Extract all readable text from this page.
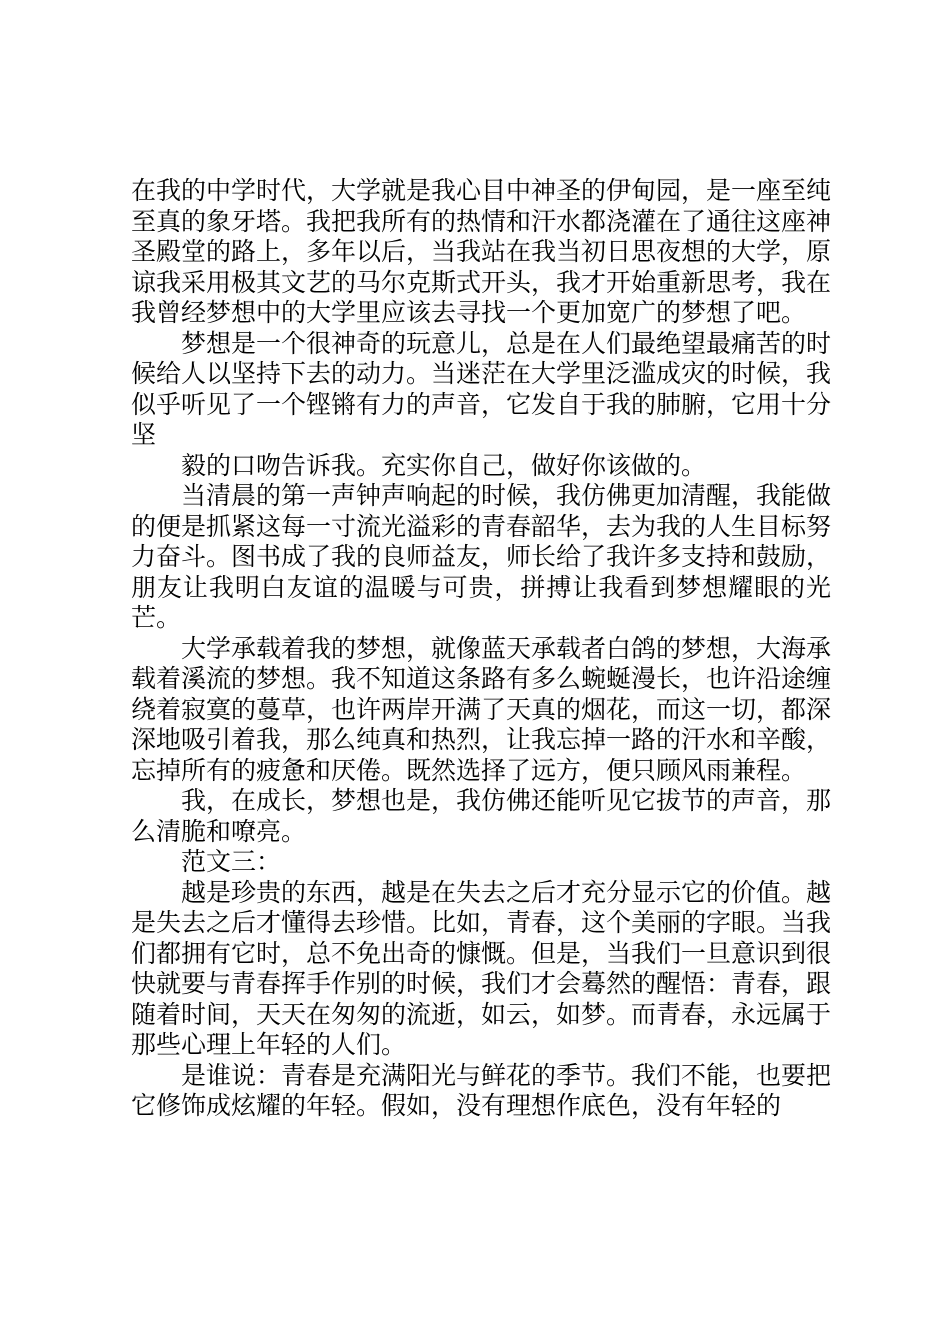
在我的中学时代，大学就是我心目中神圣的伊甸园，是一座至纯至真的象牙塔。我把我所有的热情和汗水都浇灌在了通往这座神圣殿堂的路上，多年以后，当我站在我当初日思夜想的大学，原谅我采用极其文艺的马尔克斯式开头，我才开始重新思考，我在我曾经梦想中的大学里应该去寻找一个更加宽广的梦想了吧。

梦想是一个很神奇的玩意儿，总是在人们最绝望最痛苦的时候给人以坚持下去的动力。当迷茫在大学里泛滥成灾的时候，我似乎听见了一个铿锵有力的声音，它发自于我的肺腑，它用十分坚

毅的口吻告诉我。充实你自己，做好你该做的。

当清晨的第一声钟声响起的时候，我仿佛更加清醒，我能做的便是抓紧这每一寸流光溢彩的青春韶华，去为我的人生目标努力奋斗。图书成了我的良师益友，师长给了我许多支持和鼓励，朋友让我明白友谊的温暖与可贵，拼搏让我看到梦想耀眼的光芒。

大学承载着我的梦想，就像蓝天承载者白鸽的梦想，大海承载着溪流的梦想。我不知道这条路有多么蜿蜒漫长，也许沿途缠绕着寂寞的蔓草，也许两岸开满了天真的烟花，而这一切，都深深地吸引着我，那么纯真和热烈，让我忘掉一路的汗水和辛酸，忘掉所有的疲惫和厌倦。既然选择了远方，便只顾风雨兼程。

我，在成长，梦想也是，我仿佛还能听见它拔节的声音，那么清脆和嘹亮。

范文三：

越是珍贵的东西，越是在失去之后才充分显示它的价值。越是失去之后才懂得去珍惜。比如，青春，这个美丽的字眼。当我们都拥有它时，总不免出奇的慷慨。但是，当我们一旦意识到很快就要与青春挥手作别的时候，我们才会蓦然的醒悟：青春，跟随着时间，天天在匆匆的流逝，如云，如梦。而青春，永远属于那些心理上年轻的人们。

是谁说：青春是充满阳光与鲜花的季节。我们不能，也要把它修饰成炫耀的年轻。假如，没有理想作底色，没有年轻的
